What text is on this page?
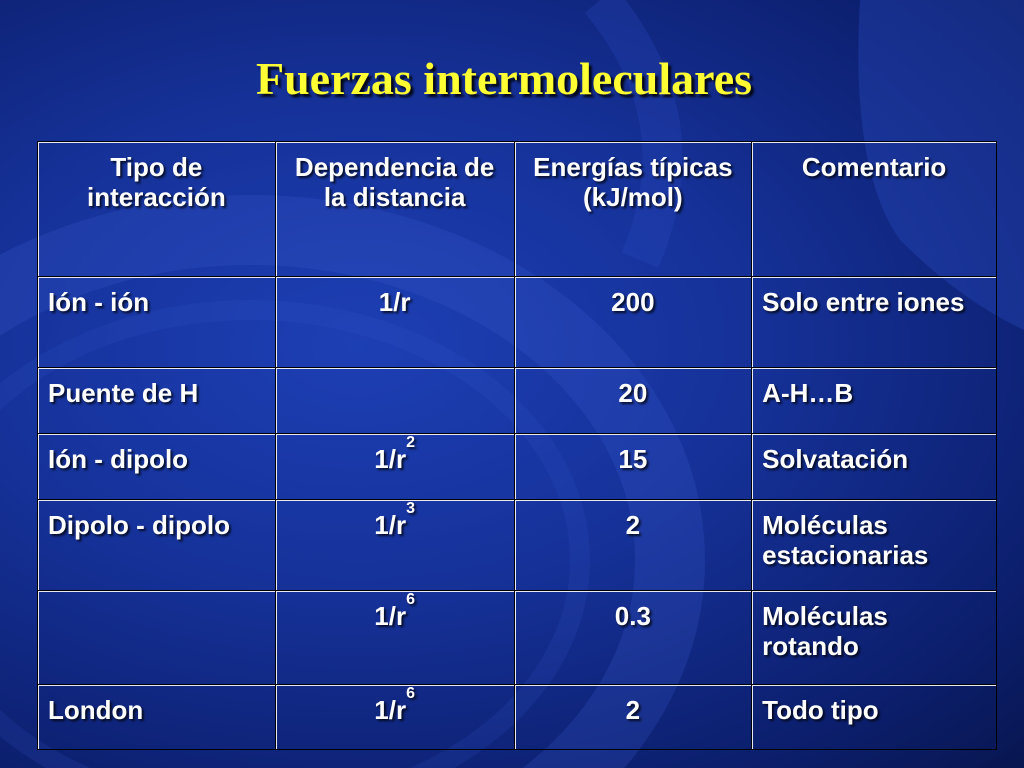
Fuerzas intermoleculares
Tipo de interacción	Dependencia de la distancia	Energías típicas (kJ/mol)	Comentario
Ión - ión	1/r	200	Solo entre iones
Puente de H		20	A-H…B
Ión - dipolo	$1/r^2$	15	Solvatación
Dipolo - dipolo	$1/r^3$	2	Moléculas estacionarias
	$1/r^6$	0.3	Moléculas rotando
London	$1/r^6$	2	Todo tipo
